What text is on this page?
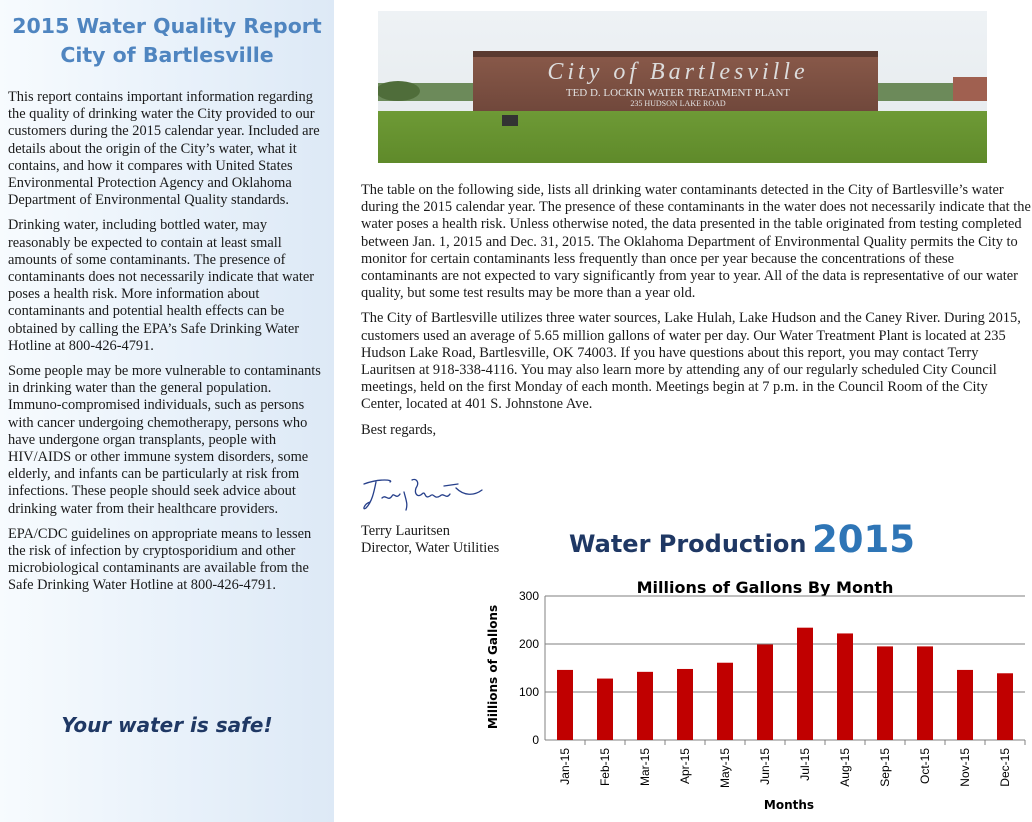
2015 Water Quality Report
City of Bartlesville

This report contains important information regarding the quality of drinking water the City provided to our customers during the 2015 calendar year. Included are details about the origin of the City’s water, what it contains, and how it compares with United States Environmental Protection Agency and Oklahoma Department of Environmental Quality standards.

Drinking water, including bottled water, may reasonably be expected to contain at least small amounts of some contaminants. The presence of contaminants does not necessarily indicate that water poses a health risk. More information about contaminants and potential health effects can be obtained by calling the EPA’s Safe Drinking Water Hotline at 800-426-4791.

Some people may be more vulnerable to contaminants in drinking water than the general population. Immuno-compromised individuals, such as persons with cancer undergoing chemotherapy, persons who have undergone organ transplants, people with HIV/AIDS or other immune system disorders, some elderly, and infants can be particularly at risk from infections. These people should seek advice about drinking water from their healthcare providers.

EPA/CDC guidelines on appropriate means to lessen the risk of infection by cryptosporidium and other microbiological contaminants are available from the Safe Drinking Water Hotline at 800-426-4791.

Your water is safe!
City of Bartlesville
TED D. LOCKIN WATER TREATMENT PLANT
235 HUDSON LAKE ROAD

The table on the following side, lists all drinking water contaminants detected in the City of Bartlesville’s water during the 2015 calendar year. The presence of these contaminants in the water does not necessarily indicate that the water poses a health risk. Unless otherwise noted, the data presented in the table originated from testing completed between Jan. 1, 2015 and Dec. 31, 2015. The Oklahoma Department of Environmental Quality permits the City to monitor for certain contaminants less frequently than once per year because the concentrations of these contaminants are not expected to vary significantly from year to year. All of the data is representative of our water quality, but some test results may be more than a year old.

The City of Bartlesville utilizes three water sources, Lake Hulah, Lake Hudson and the Caney River. During 2015, customers used an average of 5.65 million gallons of water per day. Our Water Treatment Plant is located at 235 Hudson Lake Road, Bartlesville, OK 74003. If you have questions about this report, you may contact Terry Lauritsen at 918-338-4116. You may also learn more by attending any of our regularly scheduled City Council meetings, held on the first Monday of each month. Meetings begin at 7 p.m. in the Council Room of the City Center, located at 401 S. Johnstone Ave.

Best regards,

Terry Lauritsen
Director, Water Utilities	Water Production 2015
Millions of Gallons By Month
0
100
200
300
Jan-15 Feb-15 Mar-15 Apr-15 May-15 Jun-15 Jul-15 Aug-15 Sep-15 Oct-15 Nov-15 Dec-15
Millions of Gallons
Months
